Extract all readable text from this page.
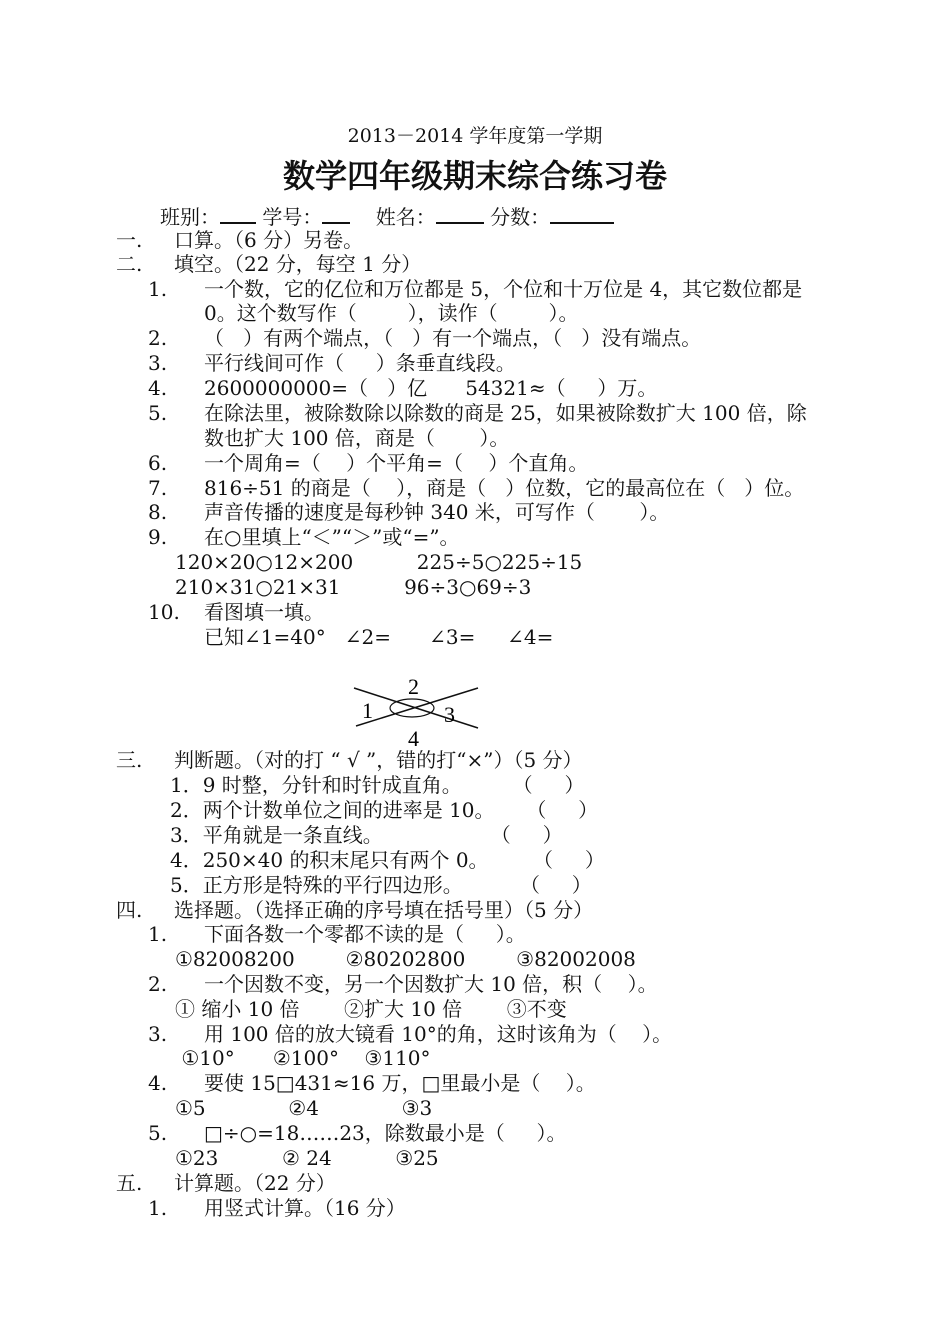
2013－2014 学年度第一学期
数学四年级期末综合练习卷
班别： 学号：	姓名：	分数：
一. 口算。（6 分）另卷。
二. 填空。（22 分，每空 1 分）
1. 一个数，它的亿位和万位都是 5，个位和十万位是 4，其它数位都是
0。这个数写作（        ），读作（        ）。
2. （   ）有两个端点，（   ）有一个端点，（   ）没有端点。
3. 平行线间可作（     ）条垂直线段。
4. 2600000000=（   ）亿      54321≈（     ）万。
5. 在除法里，被除数除以除数的商是 25，如果被除数扩大 100 倍，除
数也扩大 100 倍，商是（       ）。
6. 一个周角=（    ）个平角=（    ）个直角。
7. 816÷51 的商是（    ），商是（   ）位数，它的最高位在（   ）位。
8. 声音传播的速度是每秒钟 340 米，可写作（       ）。
9. 在○里填上“＜”“＞”或“=”。
120×20○12×200          225÷5○225÷15
210×31○21×31          96÷3○69÷3
10. 看图填一填。
已知∠1=40°   ∠2=      ∠3=     ∠4=
1
2
3
4
三. 判断题。（对的打 “ √ ”，错的打“×”）（5 分）
1．9 时整，分针和时针成直角。        （     ）
2．两个计数单位之间的进率是 10。     （     ）
3．平角就是一条直线。                 （     ）
4．250×40 的积末尾只有两个 0。       （     ）
5．正方形是特殊的平行四边形。         （     ）
四. 选择题。（选择正确的序号填在括号里）（5 分）
1. 下面各数一个零都不读的是（     ）。
①82008200        ②80202800        ③82002008
2. 一个因数不变，另一个因数扩大 10 倍，积（    ）。
① 缩小 10 倍       ②扩大 10 倍       ③不变
3. 用 100 倍的放大镜看 10°的角，这时该角为（    ）。
①10°      ②100°    ③110°
4. 要使 15□431≈16 万，□里最小是（    ）。
①5             ②4             ③3
5. □÷○=18……23，除数最小是（     ）。
①23          ② 24          ③25
五. 计算题。（22 分）
1. 用竖式计算。（16 分）
